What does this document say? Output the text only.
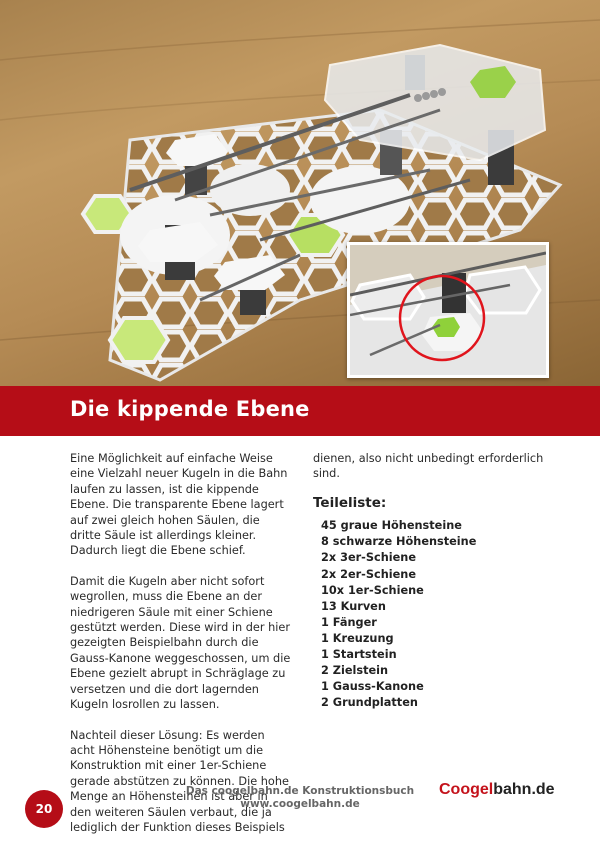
Die kippende Ebene

Eine Möglichkeit auf einfache Weise eine Vielzahl neuer Kugeln in die Bahn laufen zu lassen, ist die kippende Ebene. Die transparente Ebene lagert auf zwei gleich hohen Säulen, die dritte Säule ist allerdings kleiner. Dadurch liegt die Ebene schief.

Damit die Kugeln aber nicht sofort wegrollen, muss die Ebene an der niedrigeren Säule mit einer Schiene gestützt werden. Diese wird in der hier gezeigten Beispielbahn durch die Gauss-Kanone weggeschossen, um die Ebene gezielt abrupt in Schräglage zu versetzen und die dort lagernden Kugeln losrollen zu lassen.

Nachteil dieser Lösung: Es werden acht Höhensteine benötigt um die Konstruktion mit einer 1er-Schiene gerade abstützen zu können. Die hohe Menge an Höhensteinen ist aber in den weiteren Säulen verbaut, die ja lediglich der Funktion dieses Beispiels

dienen, also nicht unbedingt erforderlich sind.

Teileliste:
45 graue Höhensteine
8 schwarze Höhensteine
2x 3er-Schiene
2x 2er-Schiene
10x 1er-Schiene
13 Kurven
1 Fänger
1 Kreuzung
1 Startstein
2 Zielstein
1 Gauss-Kanone
2 Grundplatten
20
Das coogelbahn.de Konstruktionsbuch
www.coogelbahn.de
Coogelbahn.de
